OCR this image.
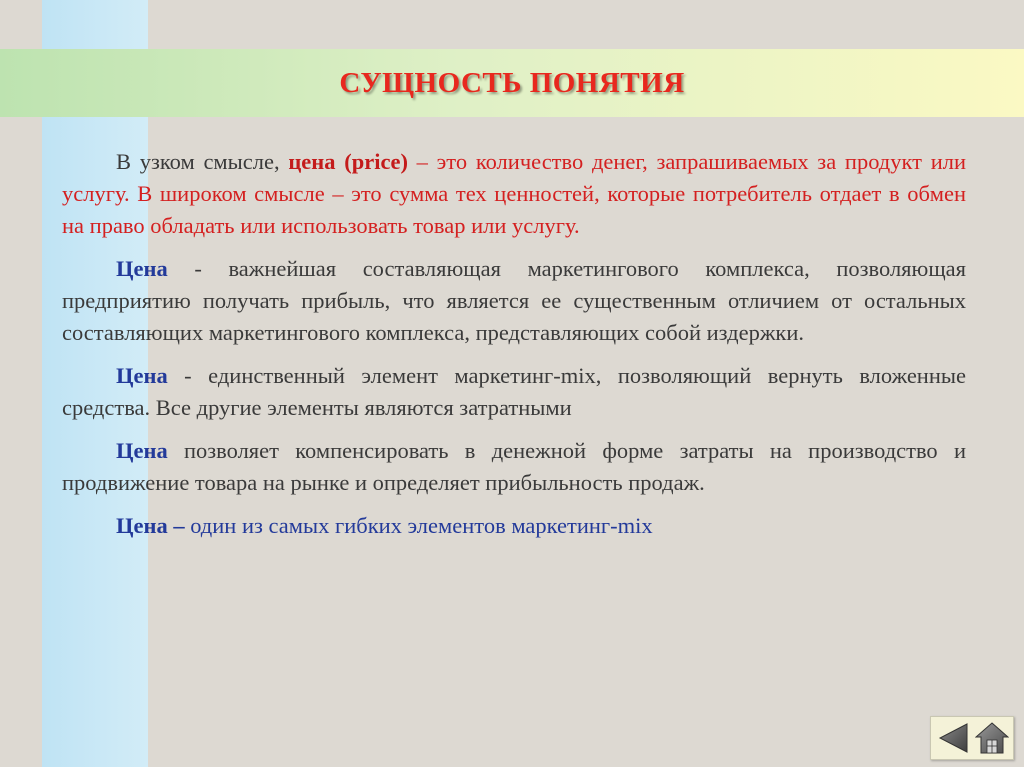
СУЩНОСТЬ ПОНЯТИЯ

В узком смысле, цена (price) – это количество денег, запрашиваемых за продукт или услугу. В широком смысле – это сумма тех ценностей, которые потребитель отдает в обмен на право обладать или использовать товар или услугу.

Цена - важнейшая составляющая маркетингового комплекса, позволяющая предприятию получать прибыль, что является ее существенным отличием от остальных составляющих маркетингового комплекса, представляющих собой издержки.

Цена - единственный элемент маркетинг-mix, позволяющий вернуть вложенные средства. Все другие элементы являются затратными

Цена позволяет компенсировать в денежной форме затраты на производство и продвижение товара на рынке и определяет прибыльность продаж.

Цена – один из самых гибких элементов маркетинг-mix
